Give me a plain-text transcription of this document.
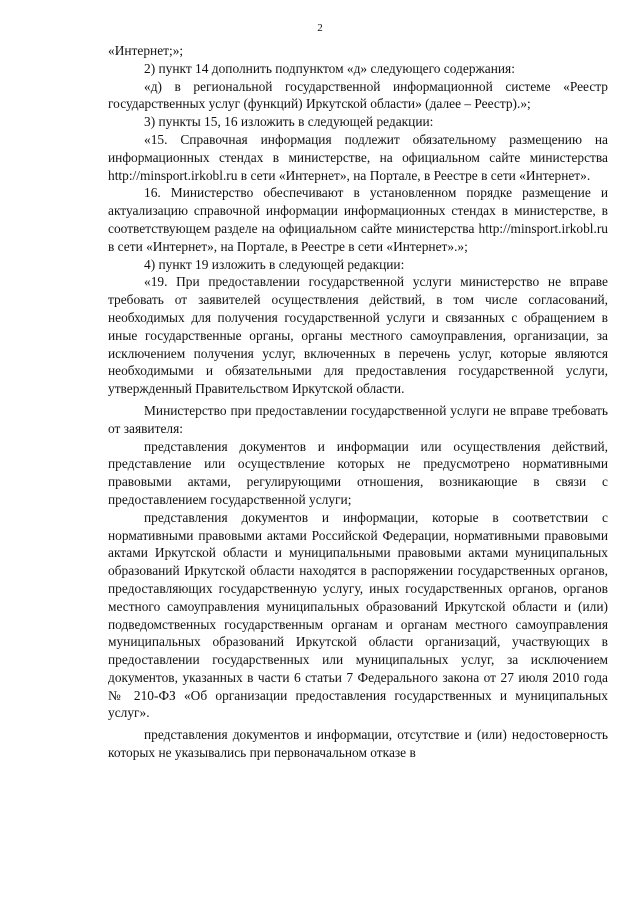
2

«Интернет;»;

2) пункт 14 дополнить подпунктом «д» следующего содержания:

«д) в региональной государственной информационной системе «Реестр государственных услуг (функций) Иркутской области» (далее – Реестр).»;

3) пункты 15, 16 изложить в следующей редакции:

«15. Справочная информация подлежит обязательному размещению на информационных стендах в министерстве, на официальном сайте министерства http://minsport.irkobl.ru в сети «Интернет», на Портале, в Реестре в сети «Интернет».

16. Министерство обеспечивают в установленном порядке размещение и актуализацию справочной информации информационных стендах в министерстве, в соответствующем разделе на официальном сайте министерства http://minsport.irkobl.ru в сети «Интернет», на Портале, в Реестре в сети «Интернет».»;

4) пункт 19 изложить в следующей редакции:

«19. При предоставлении государственной услуги министерство не вправе требовать от заявителей осуществления действий, в том числе согласований, необходимых для получения государственной услуги и связанных с обращением в иные государственные органы, органы местного самоуправления, организации, за исключением получения услуг, включенных в перечень услуг, которые являются необходимыми и обязательными для предоставления государственной услуги, утвержденный Правительством Иркутской области.

Министерство при предоставлении государственной услуги не вправе требовать от заявителя:

представления документов и информации или осуществления действий, представление или осуществление которых не предусмотрено нормативными правовыми актами, регулирующими отношения, возникающие в связи с предоставлением государственной услуги;

представления документов и информации, которые в соответствии с нормативными правовыми актами Российской Федерации, нормативными правовыми актами Иркутской области и муниципальными правовыми актами муниципальных образований Иркутской области находятся в распоряжении государственных органов, предоставляющих государственную услугу, иных государственных органов, органов местного самоуправления муниципальных образований Иркутской области и (или) подведомственных государственным органам и органам местного самоуправления муниципальных образований Иркутской области организаций, участвующих в предоставлении государственных или муниципальных услуг, за исключением документов, указанных в части 6 статьи 7 Федерального закона от 27 июля 2010 года № 210-ФЗ «Об организации предоставления государственных и муниципальных услуг».

представления документов и информации, отсутствие и (или) недостоверность которых не указывались при первоначальном отказе в
